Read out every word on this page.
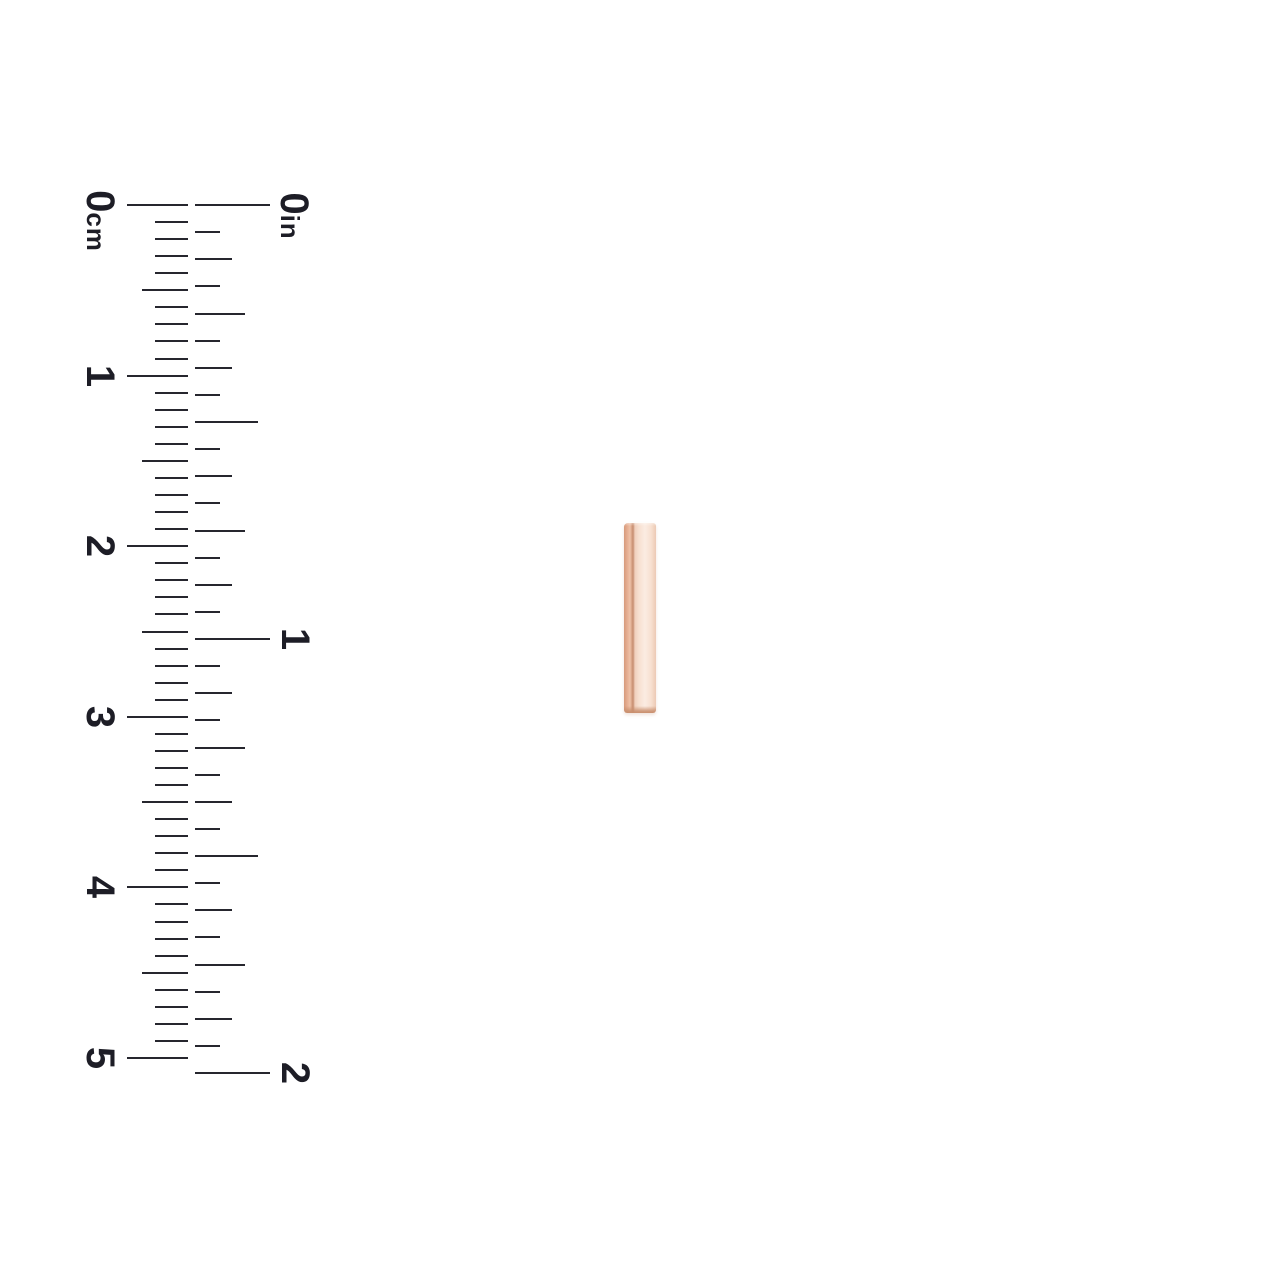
0cm
1
2
3
4
5
0in
1
2
